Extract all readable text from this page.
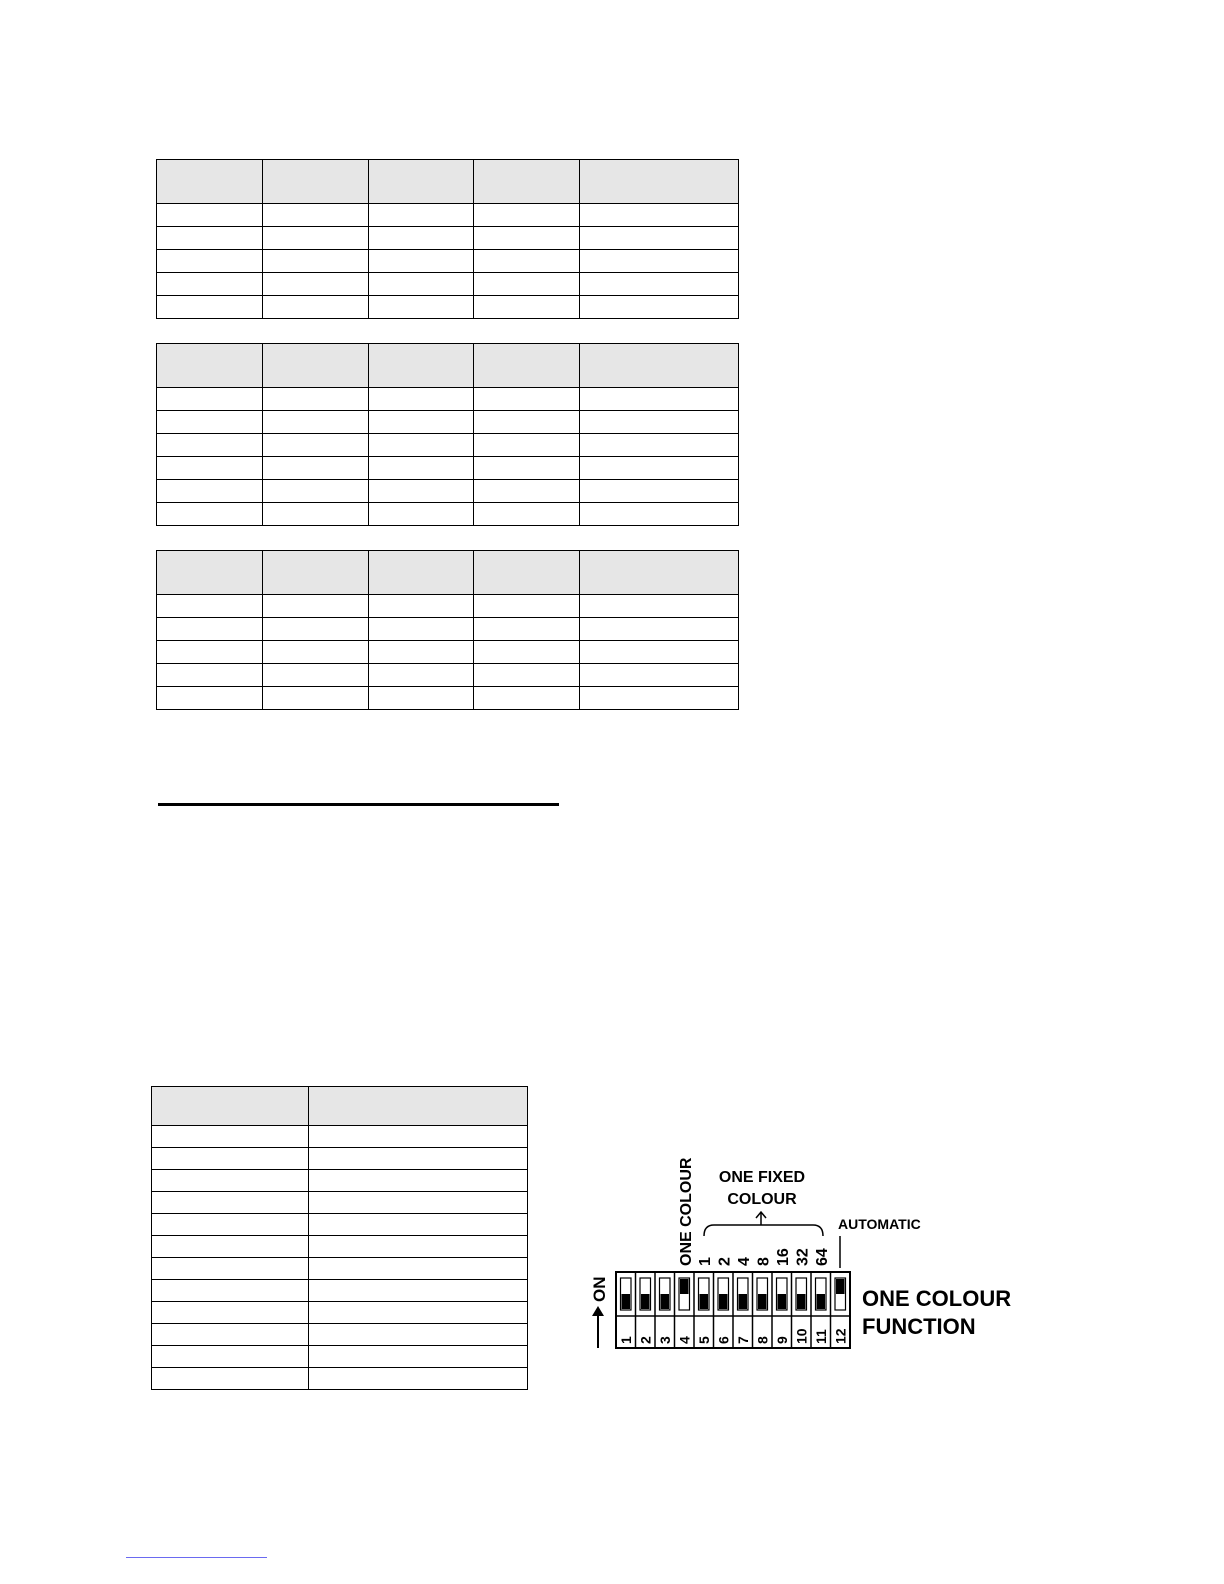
ONE COLOUR ONE FIXED
COLOUR
AUTOMATIC
1 2 4 8 16 32 64
1 2 3 4 5 6 7 8 9 10 11 12
ON	ONE COLOUR
FUNCTION
